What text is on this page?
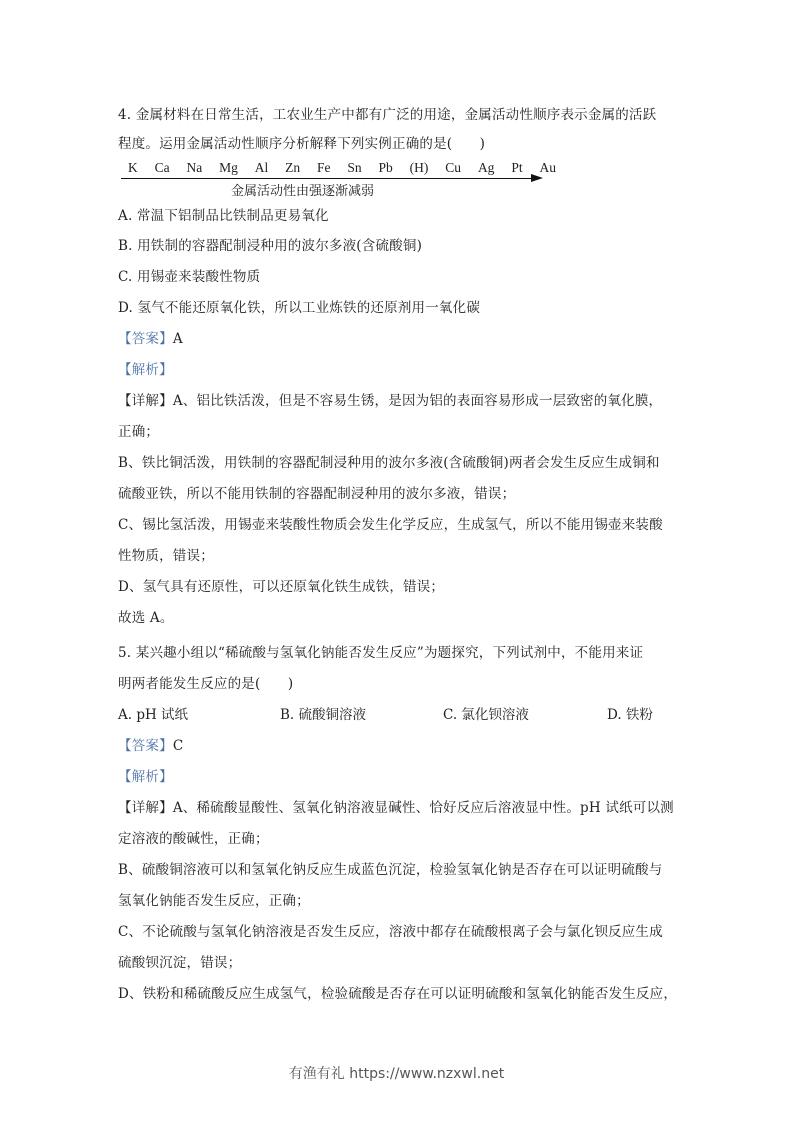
4. 金属材料在日常生活，工农业生产中都有广泛的用途，金属活动性顺序表示金属的活跃
程度。运用金属活动性顺序分析解释下列实例正确的是(　　)
K Ca Na Mg Al Zn Fe Sn Pb (H) Cu Ag Pt Au
金属活动性由强逐渐减弱
A. 常温下铝制品比铁制品更易氧化
B. 用铁制的容器配制浸种用的波尔多液(含硫酸铜)
C. 用锡壶来装酸性物质
D. 氢气不能还原氧化铁，所以工业炼铁的还原剂用一氧化碳
【答案】A
【解析】
【详解】A、铝比铁活泼，但是不容易生锈，是因为铝的表面容易形成一层致密的氧化膜，
正确；
B、铁比铜活泼，用铁制的容器配制浸种用的波尔多液(含硫酸铜)两者会发生反应生成铜和
硫酸亚铁，所以不能用铁制的容器配制浸种用的波尔多液，错误；
C、锡比氢活泼，用锡壶来装酸性物质会发生化学反应，生成氢气，所以不能用锡壶来装酸
性物质，错误；
D、氢气具有还原性，可以还原氧化铁生成铁，错误；
故选 A。
5. 某兴趣小组以“稀硫酸与氢氧化钠能否发生反应”为题探究，下列试剂中，不能用来证
明两者能发生反应的是(　　)
A. pH 试纸	B. 硫酸铜溶液	C. 氯化钡溶液	D. 铁粉
【答案】C
【解析】
【详解】A、稀硫酸显酸性、氢氧化钠溶液显碱性、恰好反应后溶液显中性。pH 试纸可以测
定溶液的酸碱性，正确；
B、硫酸铜溶液可以和氢氧化钠反应生成蓝色沉淀，检验氢氧化钠是否存在可以证明硫酸与
氢氧化钠能否发生反应，正确；
C、不论硫酸与氢氧化钠溶液是否发生反应，溶液中都存在硫酸根离子会与氯化钡反应生成
硫酸钡沉淀，错误；
D、铁粉和稀硫酸反应生成氢气，检验硫酸是否存在可以证明硫酸和氢氧化钠能否发生反应，
有渔有礼 https://www.nzxwl.net
